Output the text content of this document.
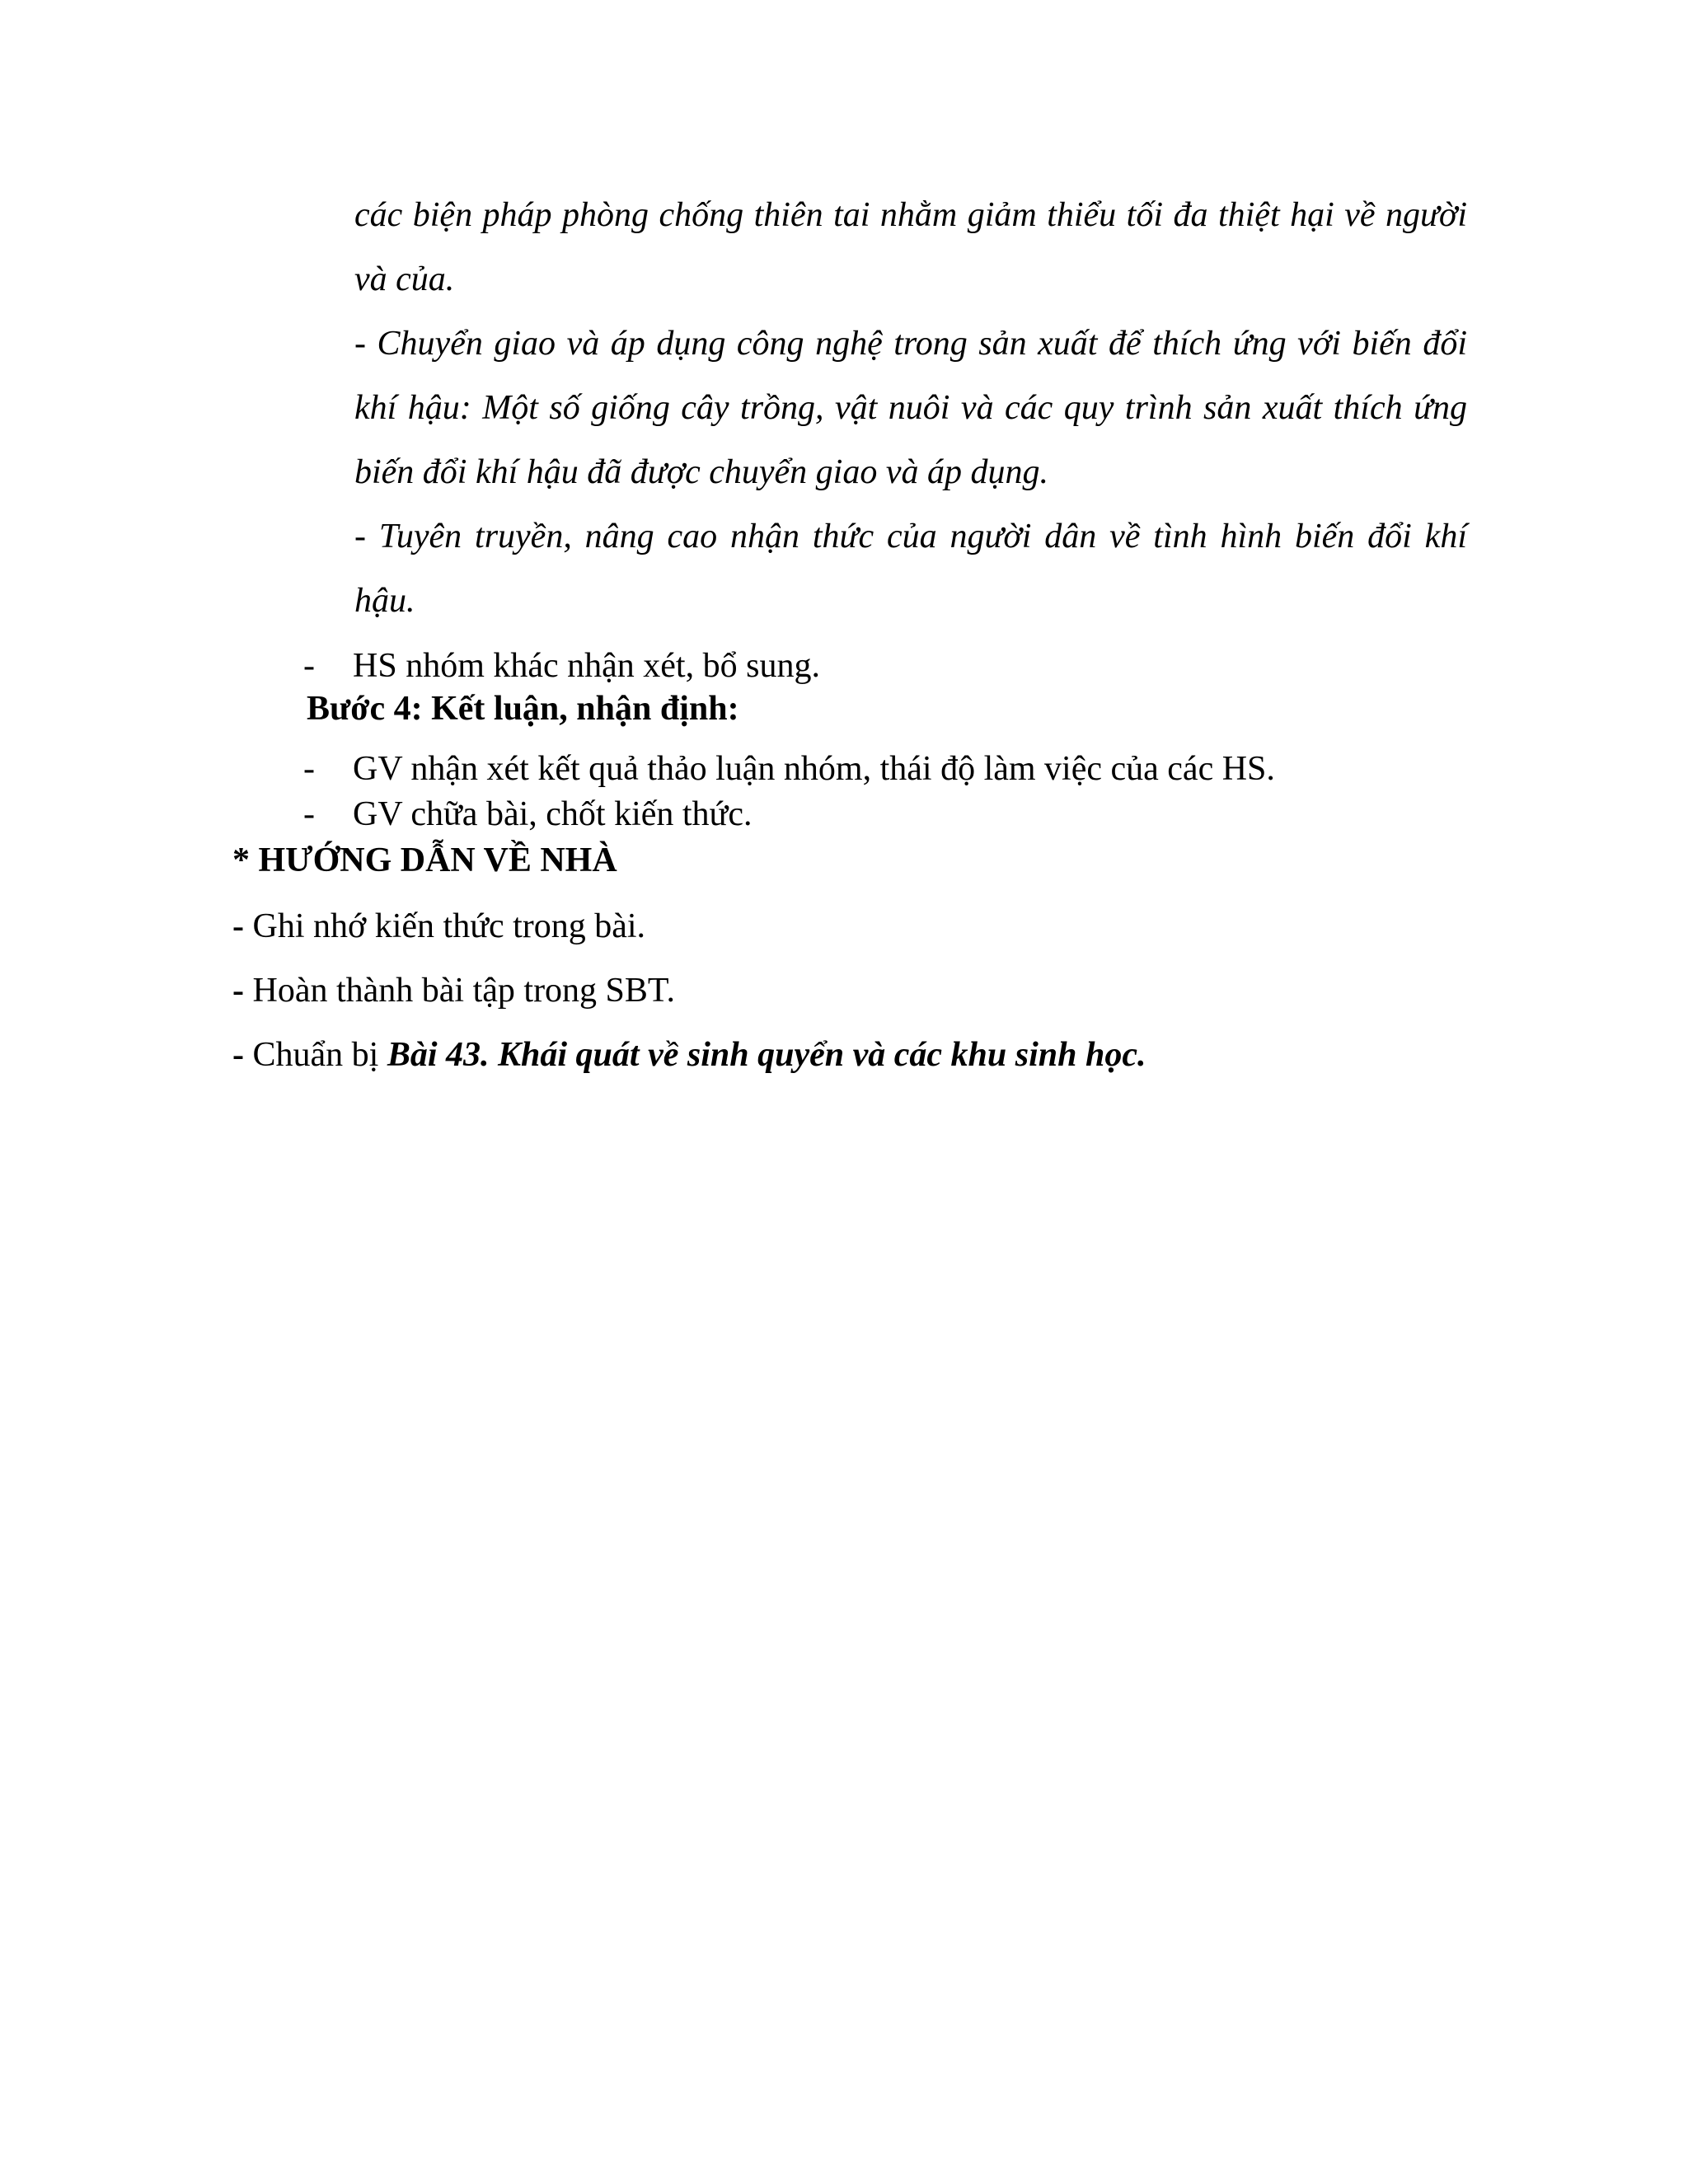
các biện pháp phòng chống thiên tai nhằm giảm thiểu tối đa thiệt hại về người và của.

- Chuyển giao và áp dụng công nghệ trong sản xuất để thích ứng với biến đổi khí hậu: Một số giống cây trồng, vật nuôi và các quy trình sản xuất thích ứng biến đổi khí hậu đã được chuyển giao và áp dụng.

- Tuyên truyền, nâng cao nhận thức của người dân về tình hình biến đổi khí hậu.

- HS nhóm khác nhận xét, bổ sung.
Bước 4: Kết luận, nhận định:
- GV nhận xét kết quả thảo luận nhóm, thái độ làm việc của các HS.
- GV chữa bài, chốt kiến thức.
* HƯỚNG DẪN VỀ NHÀ
- Ghi nhớ kiến thức trong bài.
- Hoàn thành bài tập trong SBT.
- Chuẩn bị Bài 43. Khái quát về sinh quyển và các khu sinh học.
